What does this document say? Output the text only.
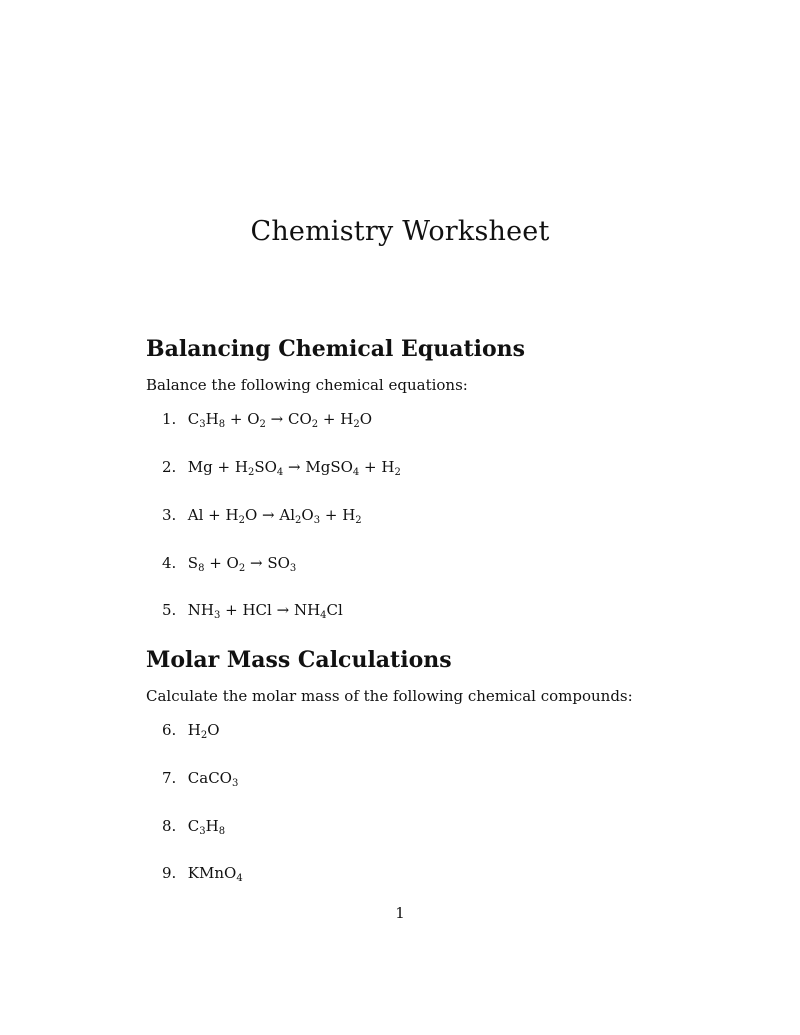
Chemistry Worksheet
Balancing Chemical Equations

Balance the following chemical equations:

1. $C_3H_8 + O_2 \to CO_2 + H_2O$
2. $Mg + H_2SO_4$ → MgSO$_4$ + $H_2$
3. $Al + H_2O \to Al_2O_3 + H_2$
4. $S_8 + O_2 \to SO_3$
5. $NH_3$ + HCl → $NH_4Cl$
Molar Mass Calculations

Calculate the molar mass of the following chemical compounds:

6. $H_2O$
7. CaCO$_3$
8. $C_3H_8$
9. KMnO$_4$
1
